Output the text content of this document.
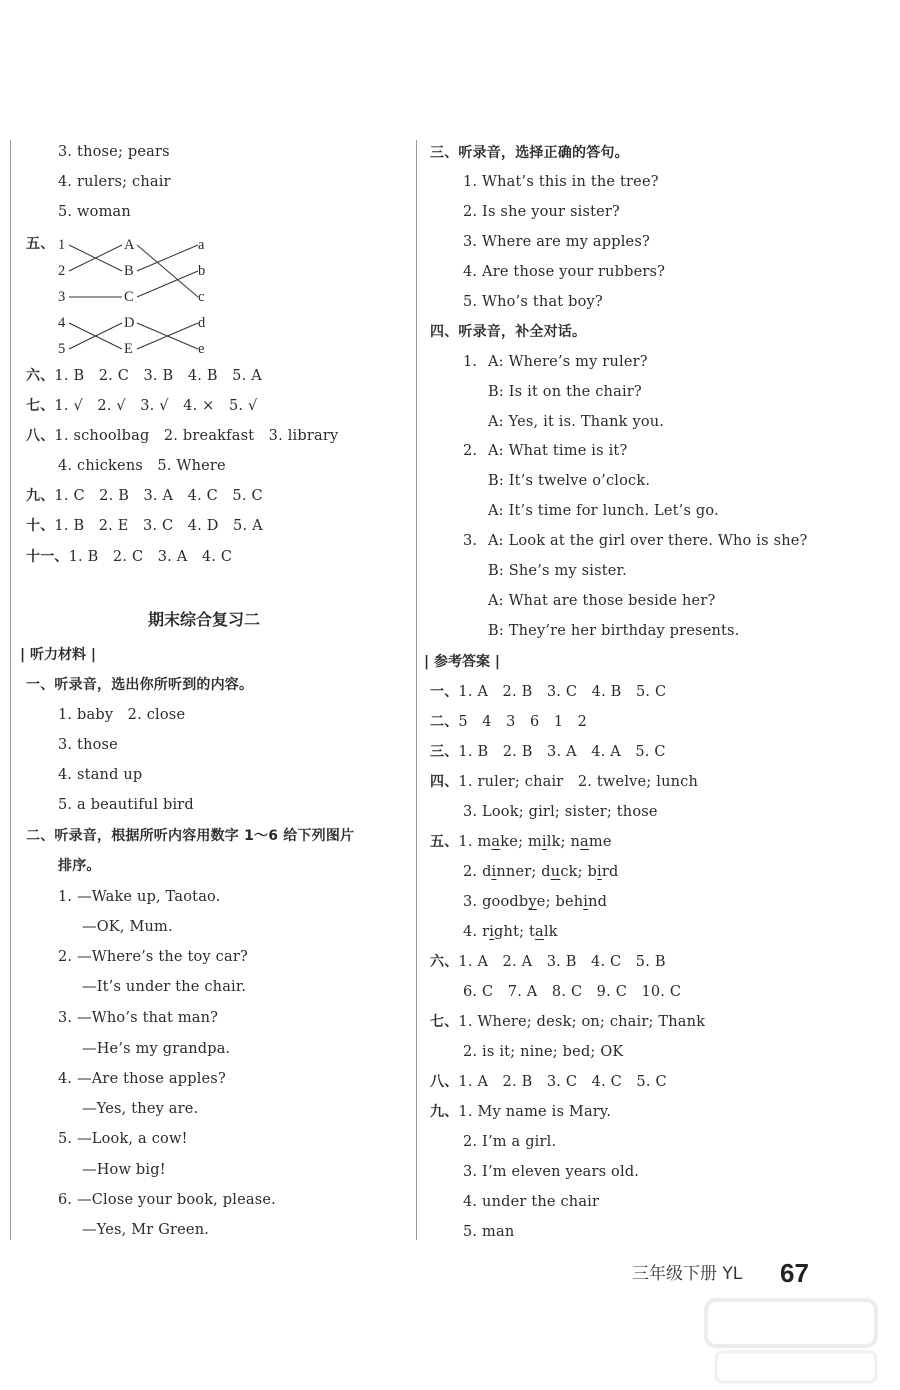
3. those; pears
4. rulers; chair
5. woman
五、 1
2
3
4
5
A
B
C
D
E
a
b
c
d
e
六、1. B   2. C   3. B   4. B   5. A
七、1. √   2. √   3. √   4. ×   5. √
八、1. schoolbag   2. breakfast   3. library
4. chickens   5. Where
九、1. C   2. B   3. A   4. C   5. C
十、1. B   2. E   3. C   4. D   5. A
十一、1. B   2. C   3. A   4. C
期末综合复习二
| 听力材料 |
一、听录音，选出你所听到的内容。
1. baby   2. close
3. those
4. stand up
5. a beautiful bird
二、听录音，根据所听内容用数字 1～6 给下列图片
排序。
1. —Wake up, Taotao.
—OK, Mum.
2. —Where’s the toy car?
—It’s under the chair.
3. —Who’s that man?
—He’s my grandpa.
4. —Are those apples?
—Yes, they are.
5. —Look, a cow!
—How big!
6. —Close your book, please.
—Yes, Mr Green.
三、听录音，选择正确的答句。
1. What’s this in the tree?
2. Is she your sister?
3. Where are my apples?
4. Are those your rubbers?
5. Who’s that boy?
四、听录音，补全对话。
1. A: Where’s my ruler?
B: Is it on the chair?
A: Yes, it is. Thank you.
2. A: What time is it?
B: It’s twelve o’clock.
A: It’s time for lunch. Let’s go.
3. A: Look at the girl over there. Who is she?
B: She’s my sister.
A: What are those beside her?
B: They’re her birthday presents.
| 参考答案 |
一、1. A   2. B   3. C   4. B   5. C
二、5   4   3   6   1   2
三、1. B   2. B   3. A   4. A   5. C
四、1. ruler; chair   2. twelve; lunch
3. Look; girl; sister; those
五、1. make; milk; name
2. dinner; duck; bird
3. goodbye; behind
4. right; talk
六、1. A   2. A   3. B   4. C   5. B
6. C   7. A   8. C   9. C   10. C
七、1. Where; desk; on; chair; Thank
2. is it; nine; bed; OK
八、1. A   2. B   3. C   4. C   5. C
九、1. My name is Mary.
2. I’m a girl.
3. I’m eleven years old.
4. under the chair
5. man
三年级下册 YL 67
